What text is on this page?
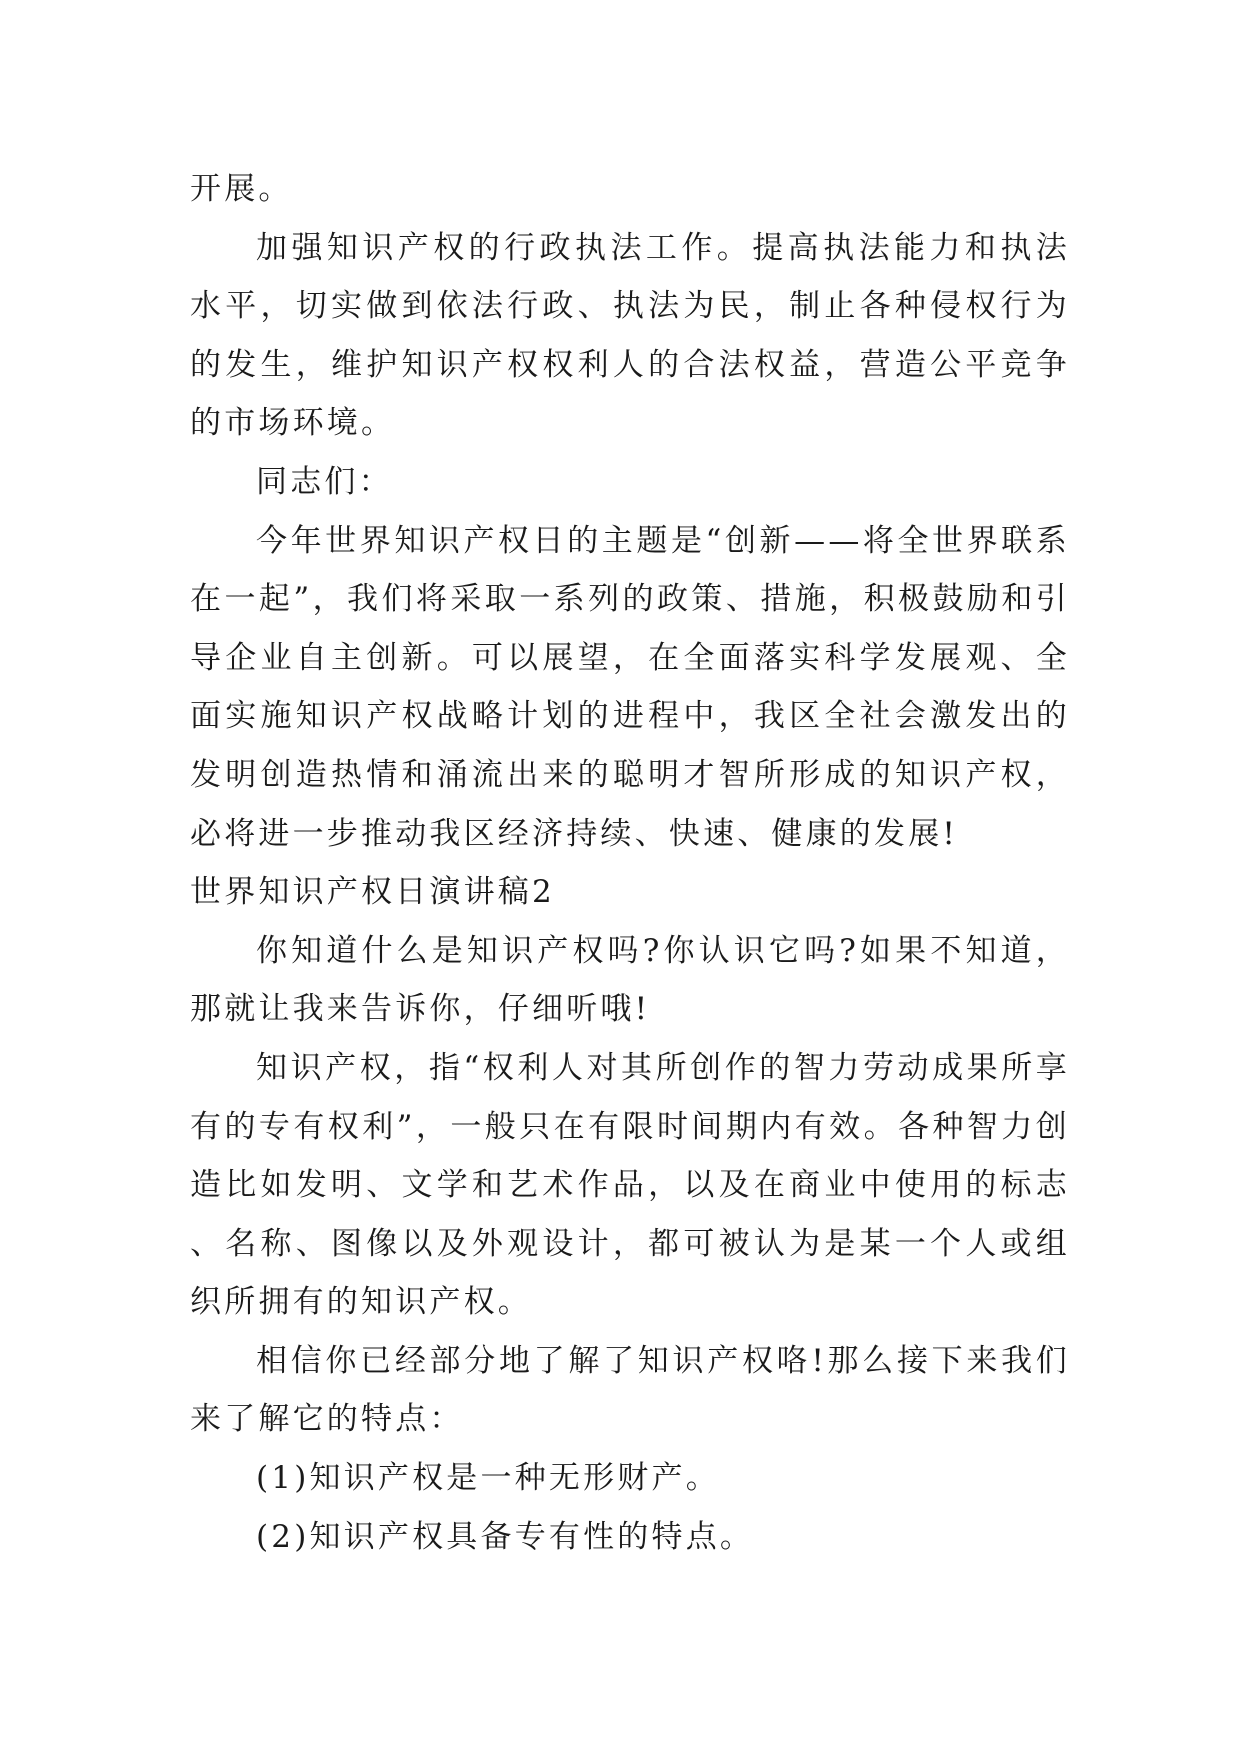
开展。

加强知识产权的行政执法工作。提高执法能力和执法水平，切实做到依法行政、执法为民，制止各种侵权行为的发生，维护知识产权权利人的合法权益，营造公平竞争的市场环境。

同志们：

今年世界知识产权日的主题是“创新——将全世界联系在一起”，我们将采取一系列的政策、措施，积极鼓励和引导企业自主创新。可以展望，在全面落实科学发展观、全面实施知识产权战略计划的进程中，我区全社会激发出的发明创造热情和涌流出来的聪明才智所形成的知识产权，必将进一步推动我区经济持续、快速、健康的发展!

世界知识产权日演讲稿2

你知道什么是知识产权吗?你认识它吗?如果不知道，那就让我来告诉你，仔细听哦!

知识产权，指“权利人对其所创作的智力劳动成果所享有的专有权利”，一般只在有限时间期内有效。各种智力创造比如发明、文学和艺术作品，以及在商业中使用的标志、名称、图像以及外观设计，都可被认为是某一个人或组织所拥有的知识产权。

相信你已经部分地了解了知识产权咯!那么接下来我们来了解它的特点：

(1)知识产权是一种无形财产。

(2)知识产权具备专有性的特点。
